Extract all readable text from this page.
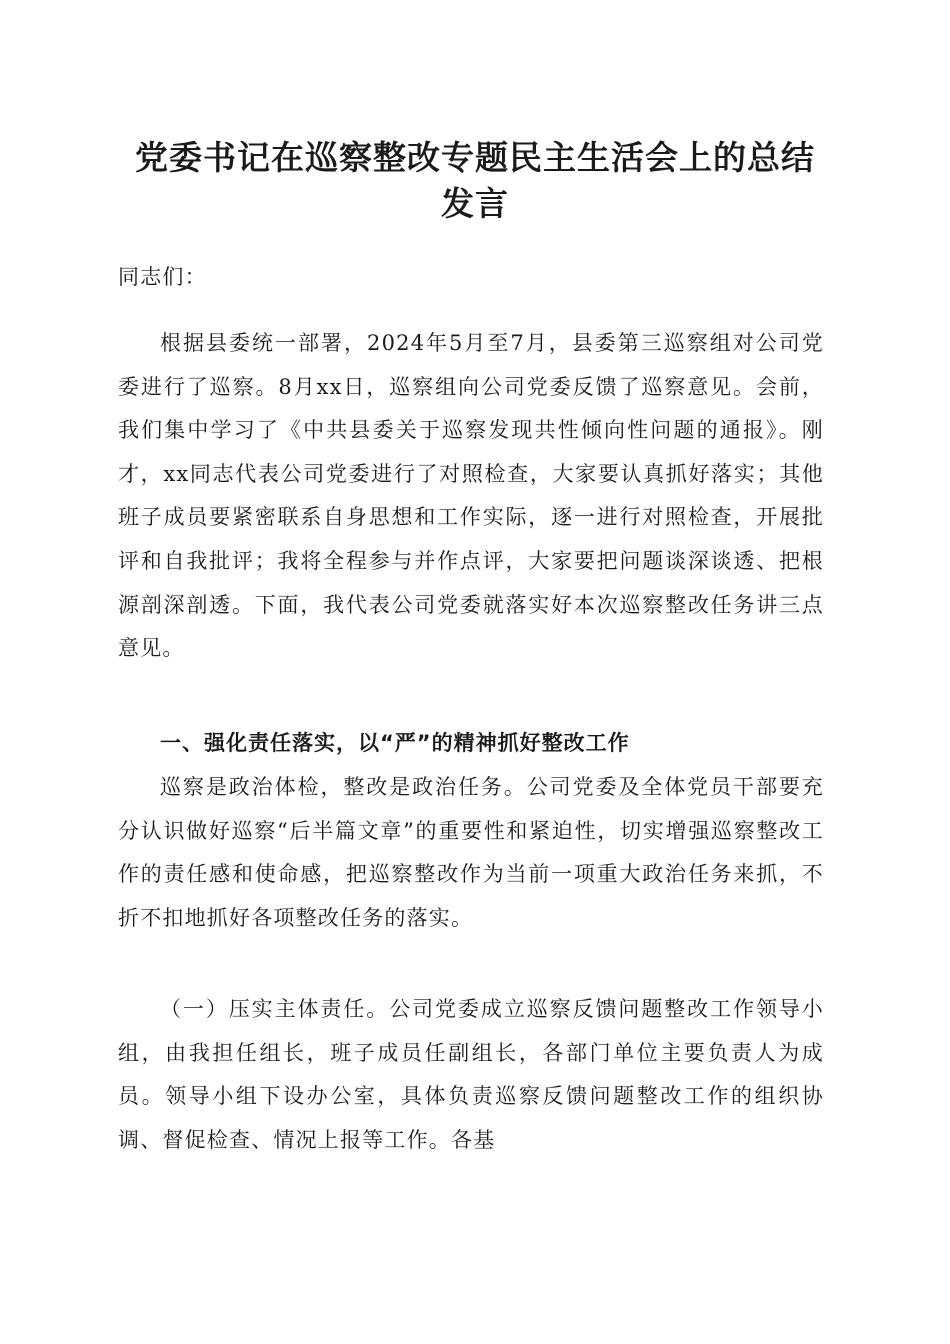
党委书记在巡察整改专题民主生活会上的总结
发言

同志们：

根据县委统一部署，2024年5月至7月，县委第三巡察组对公司党委进行了巡察。8月xx日，巡察组向公司党委反馈了巡察意见。会前，我们集中学习了《中共县委关于巡察发现共性倾向性问题的通报》。刚才，xx同志代表公司党委进行了对照检查，大家要认真抓好落实；其他班子成员要紧密联系自身思想和工作实际，逐一进行对照检查，开展批评和自我批评；我将全程参与并作点评，大家要把问题谈深谈透、把根源剖深剖透。下面，我代表公司党委就落实好本次巡察整改任务讲三点意见。

一、强化责任落实，以“严”的精神抓好整改工作

巡察是政治体检，整改是政治任务。公司党委及全体党员干部要充分认识做好巡察“后半篇文章”的重要性和紧迫性，切实增强巡察整改工作的责任感和使命感，把巡察整改作为当前一项重大政治任务来抓，不折不扣地抓好各项整改任务的落实。

（一）压实主体责任。公司党委成立巡察反馈问题整改工作领导小组，由我担任组长，班子成员任副组长，各部门单位主要负责人为成员。领导小组下设办公室，具体负责巡察反馈问题整改工作的组织协调、督促检查、情况上报等工作。各基
